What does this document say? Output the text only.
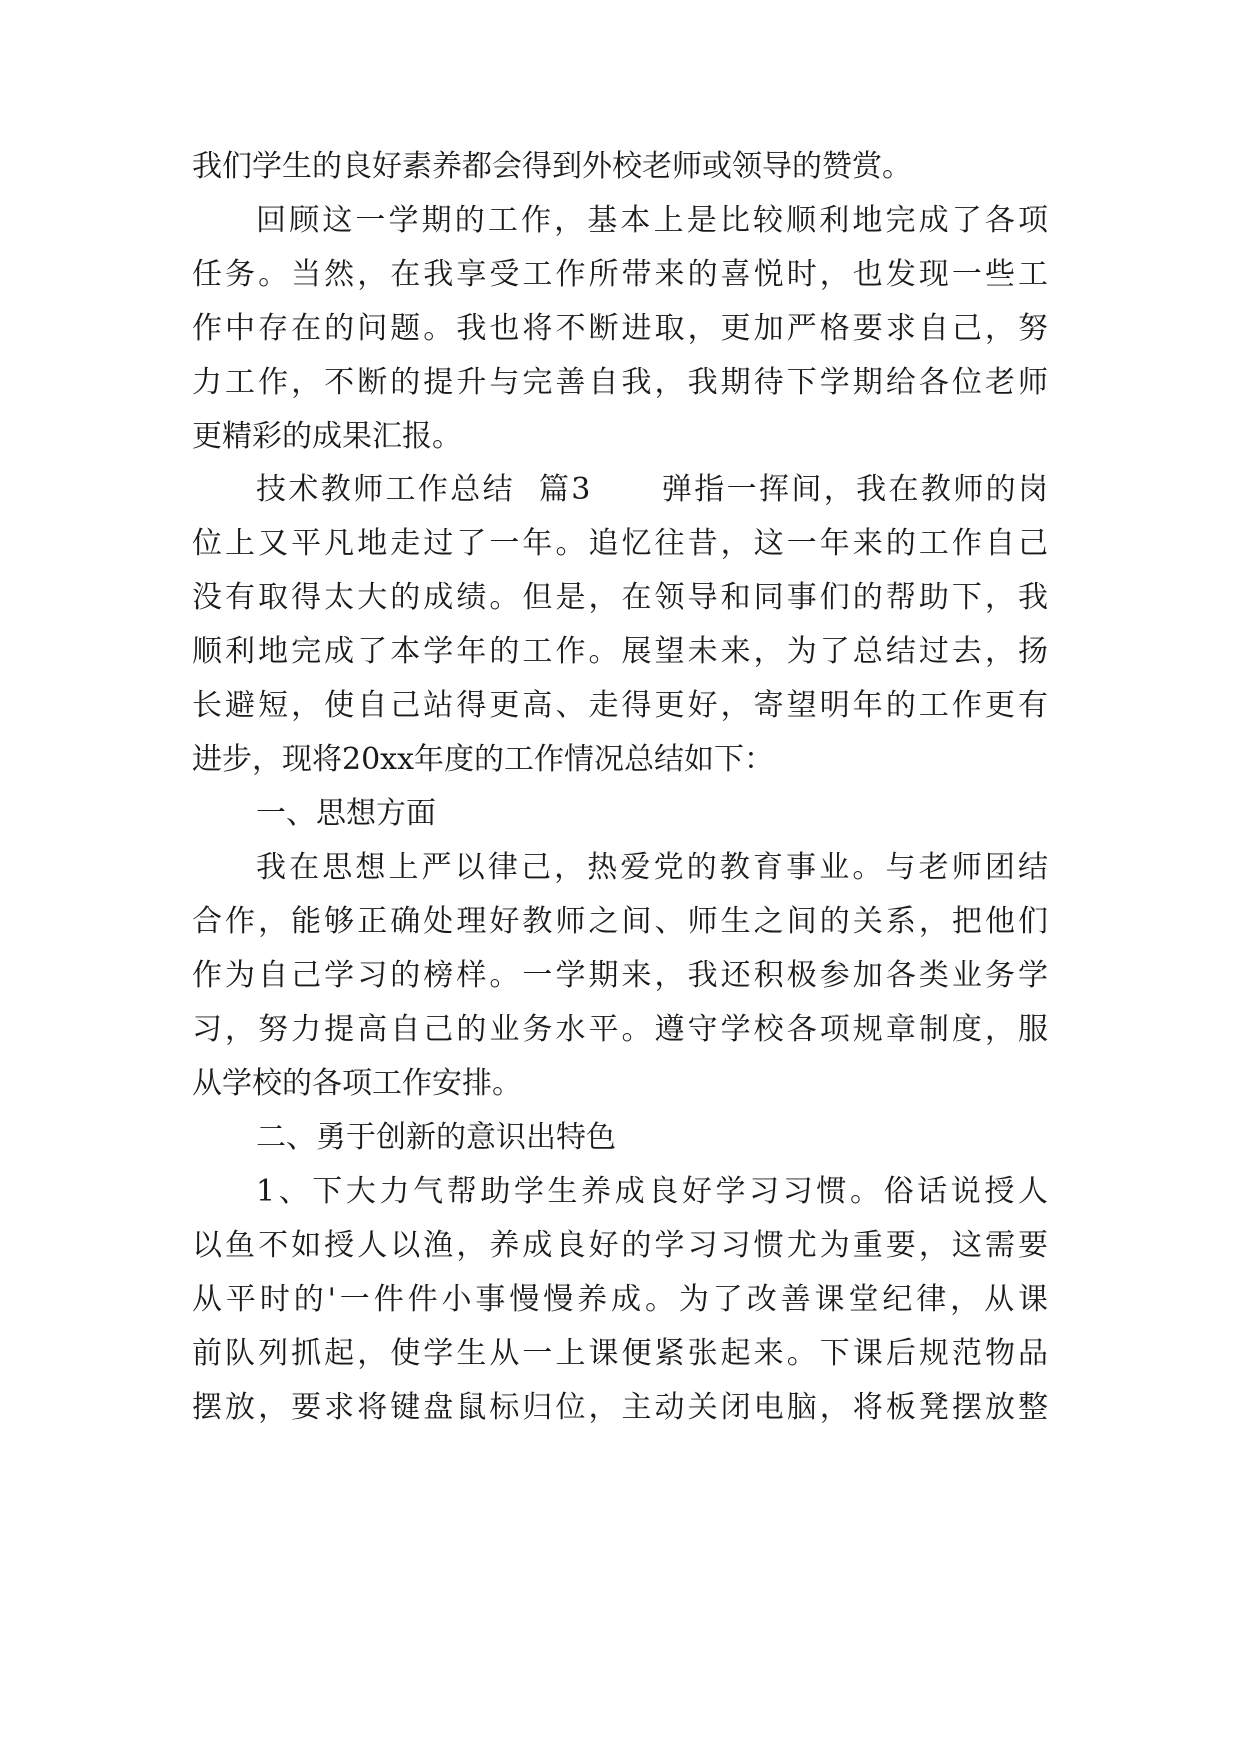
我们学生的良好素养都会得到外校老师或领导的赞赏。
回顾这一学期的工作，基本上是比较顺利地完成了各项
任务。当然，在我享受工作所带来的喜悦时，也发现一些工
作中存在的问题。我也将不断进取，更加严格要求自己，努
力工作，不断的提升与完善自我，我期待下学期给各位老师
更精彩的成果汇报。
技术教师工作总结  篇3      弹指一挥间，我在教师的岗
位上又平凡地走过了一年。追忆往昔，这一年来的工作自己
没有取得太大的成绩。但是，在领导和同事们的帮助下，我
顺利地完成了本学年的工作。展望未来，为了总结过去，扬
长避短，使自己站得更高、走得更好，寄望明年的工作更有
进步，现将20xx年度的工作情况总结如下：
一、思想方面
我在思想上严以律己，热爱党的教育事业。与老师团结
合作，能够正确处理好教师之间、师生之间的关系，把他们
作为自己学习的榜样。一学期来，我还积极参加各类业务学
习，努力提高自己的业务水平。遵守学校各项规章制度，服
从学校的各项工作安排。
二、勇于创新的意识出特色
1、下大力气帮助学生养成良好学习习惯。俗话说授人
以鱼不如授人以渔，养成良好的学习习惯尤为重要，这需要
从平时的'一件件小事慢慢养成。为了改善课堂纪律，从课
前队列抓起，使学生从一上课便紧张起来。下课后规范物品
摆放，要求将键盘鼠标归位，主动关闭电脑，将板凳摆放整
